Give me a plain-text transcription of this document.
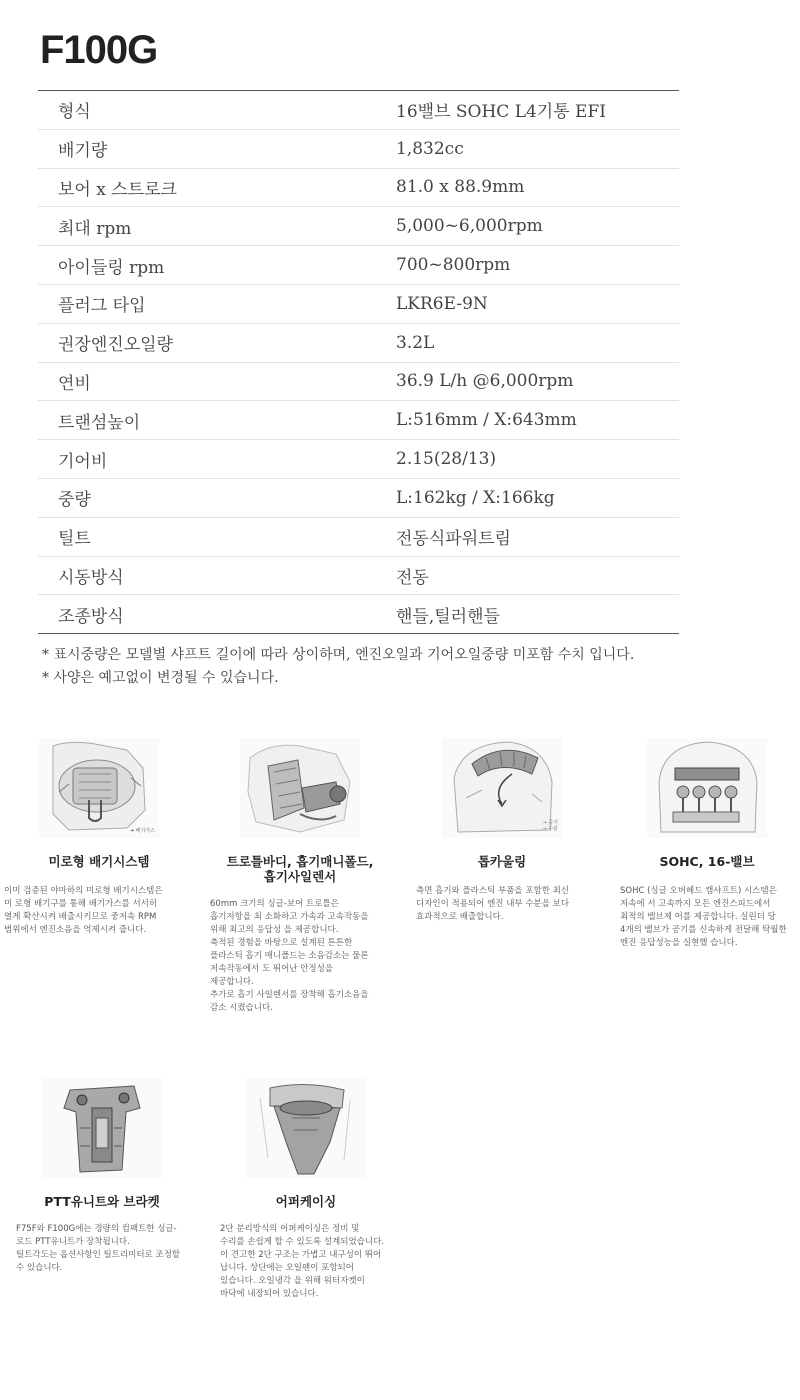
F100G
형식	16밸브 SOHC L4기통 EFI
배기량	1,832cc
보어 x 스트로크	81.0 x 88.9mm
최대 rpm	5,000~6,000rpm
아이들링 rpm	700~800rpm
플러그 타입	LKR6E-9N
권장엔진오일량	3.2L
연비	36.9 L/h @6,000rpm
트랜섬높이	L:516mm / X:643mm
기어비	2.15(28/13)
중량	L:162kg / X:166kg
틸트	전동식파워트림
시동방식	전동
조종방식	핸들,틸러핸들
* 표시중량은 모델별 샤프트 길이에 따라 상이하며, 엔진오일과 기어오일중량 미포함 수치 입니다.
* 사양은 예고없이 변경될 수 있습니다.
➜ 배기가스
미로형 배기시스템
이미 검증된 야마하의 미로형 배기시스템은
미 로형 배기구를 통해 배기가스를 서서히
열게 확산시켜 배출시키므로 중저속 RPM
범위에서 엔진소음을 억제시켜 줍니다.
트로틀바디, 흡기매니폴드,
흡기사일렌서
60mm 크기의 싱글-보어 트로틀은
흡기저항을 최 소화하고 가속과 고속작동을
위해 최고의 응답성 을 제공합니다.
축적된 경험을 바탕으로 설계된 튼튼한
플라스틱 흡기 매니폴드는 소음감소는 물론
저속작동에서 도 뛰어난 안정성을
제공합니다.
추가로 흡기 사일렌서를 장착해 흡기소음을
감소 시켰습니다.
→ 공기
→ 수분
톱카울링
측면 흡기와 플라스틱 부품을 포함한 최신
디자인이 적용되어 엔진 내부 수분을 보다
효과적으로 배출합니다.
SOHC, 16-밸브
SOHC (싱글 오버헤드 캠샤프트) 시스템은
저속에 서 고속까지 모든 엔진스피드에서
최적의 밸브제 어를 제공합니다. 실린더 당
4개의 밸브가 공기를 신속하게 전달해 탁월한
엔진 응답성능을 실현했 습니다.
PTT유니트와 브라켓
F75F와 F100G에는 경량의 컴팩트한 싱글-
로드 PTT유니트가 장착됩니다.
틸트각도는 옵션사항인 틸트리미터로 조정할
수 있습니다.
어퍼케이싱
2단 분리방식의 어퍼케이싱은 정비 및
수리를 손쉽게 할 수 있도록 설계되었습니다.
이 견고한 2단 구조는 가볍고 내구성이 뛰어
납니다. 상단에는 오일팬이 포함되어
있습니다. 오일냉각 을 위해 워터자켓이
바닥에 내장되어 있습니다.
